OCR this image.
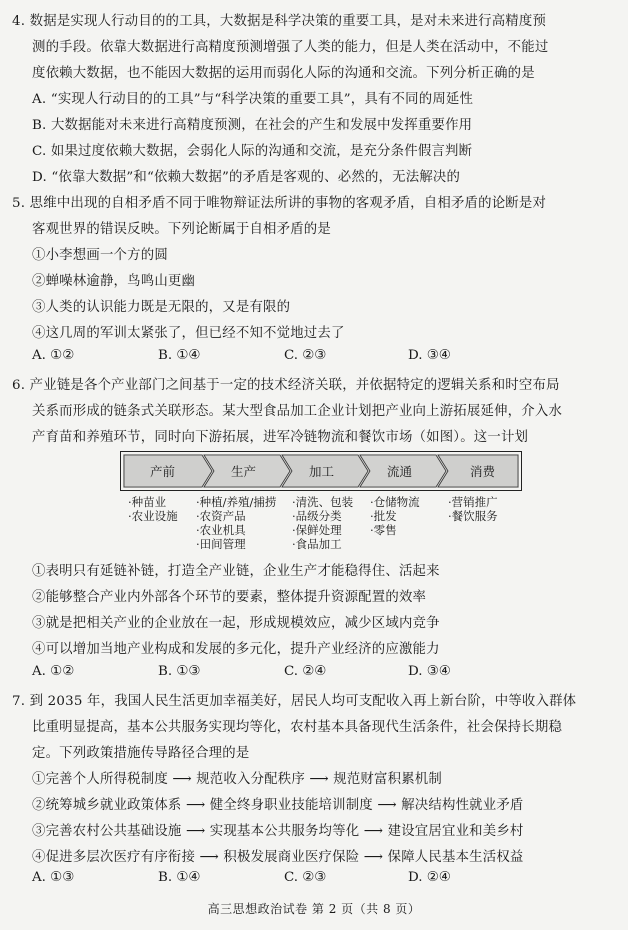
4. 数据是实现人行动目的的工具，大数据是科学决策的重要工具，是对未来进行高精度预
测的手段。依靠大数据进行高精度预测增强了人类的能力，但是人类在活动中，不能过
度依赖大数据，也不能因大数据的运用而弱化人际的沟通和交流。下列分析正确的是
A. “实现人行动目的的工具”与“科学决策的重要工具”，具有不同的周延性
B. 大数据能对未来进行高精度预测，在社会的产生和发展中发挥重要作用
C. 如果过度依赖大数据，会弱化人际的沟通和交流，是充分条件假言判断
D. “依靠大数据”和“依赖大数据”的矛盾是客观的、必然的，无法解决的
5. 思维中出现的自相矛盾不同于唯物辩证法所讲的事物的客观矛盾，自相矛盾的论断是对
客观世界的错误反映。下列论断属于自相矛盾的是
①小李想画一个方的圆
②蝉噪林逾静，鸟鸣山更幽
③人类的认识能力既是无限的，又是有限的
④这几周的军训太紧张了，但已经不知不觉地过去了
A. ①②	B. ①④	C. ②③	D. ③④
6. 产业链是各个产业部门之间基于一定的技术经济关联，并依据特定的逻辑关系和时空布局
关系而形成的链条式关联形态。某大型食品加工企业计划把产业向上游拓展延伸，介入水
产育苗和养殖环节，同时向下游拓展，进军冷链物流和餐饮市场（如图）。这一计划
产前	生产	加工	流通	消费
·种苗业
·农业设施
·种植/养殖/捕捞
·农资产品
·农业机具
·田间管理
·清洗、包装
·品级分类
·保鲜处理
·食品加工
·仓储物流
·批发
·零售
·营销推广
·餐饮服务
①表明只有延链补链，打造全产业链，企业生产才能稳得住、活起来
②能够整合产业内外部各个环节的要素，整体提升资源配置的效率
③就是把相关产业的企业放在一起，形成规模效应，减少区域内竞争
④可以增加当地产业构成和发展的多元化，提升产业经济的应激能力
A. ①②	B. ①③	C. ②④	D. ③④
7. 到 2035 年，我国人民生活更加幸福美好，居民人均可支配收入再上新台阶，中等收入群体
比重明显提高，基本公共服务实现均等化，农村基本具备现代生活条件，社会保持长期稳
定。下列政策措施传导路径合理的是
①完善个人所得税制度 ⟶ 规范收入分配秩序 ⟶ 规范财富积累机制
②统筹城乡就业政策体系 ⟶ 健全终身职业技能培训制度 ⟶ 解决结构性就业矛盾
③完善农村公共基础设施 ⟶ 实现基本公共服务均等化 ⟶ 建设宜居宜业和美乡村
④促进多层次医疗有序衔接 ⟶ 积极发展商业医疗保险 ⟶ 保障人民基本生活权益
A. ①③	B. ①④	C. ②③	D. ②④
高三思想政治试卷 第 2 页（共 8 页）
